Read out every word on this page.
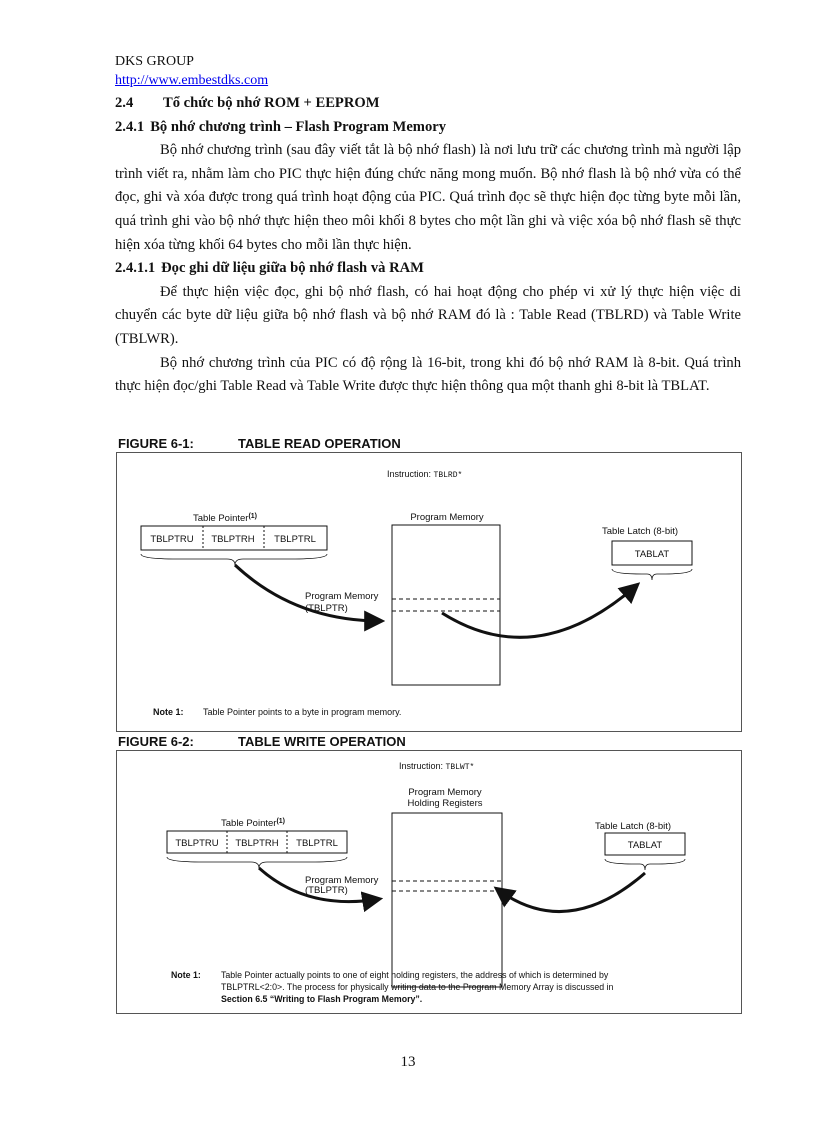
DKS GROUP
http://www.embestdks.com
2.4 Tổ chức bộ nhớ ROM + EEPROM
2.4.1 Bộ nhớ chương trình – Flash Program Memory

Bộ nhớ chương trình (sau đây viết tắt là bộ nhớ flash) là nơi lưu trữ các chương trình mà người lập trình viết ra, nhằm làm cho PIC thực hiện đúng chức năng mong muốn. Bộ nhớ flash là bộ nhớ vừa có thể đọc, ghi và xóa được trong quá trình hoạt động của PIC. Quá trình đọc sẽ thực hiện đọc từng byte mỗi lần, quá trình ghi vào bộ nhớ thực hiện theo môi khối 8 bytes cho một lần ghi và việc xóa bộ nhớ flash sẽ thực hiện xóa từng khối 64 bytes cho mỗi lần thực hiện.

2.4.1.1 Đọc ghi dữ liệu giữa bộ nhớ flash và RAM

Để thực hiện việc đọc, ghi bộ nhớ flash, có hai hoạt động cho phép vi xử lý thực hiện việc di chuyển các byte dữ liệu giữa bộ nhớ flash và bộ nhớ RAM đó là : Table Read (TBLRD) và Table Write (TBLWR).

Bộ nhớ chương trình của PIC có độ rộng là 16-bit, trong khi đó bộ nhớ RAM là 8-bit. Quá trình thực hiện đọc/ghi Table Read và Table Write được thực hiện thông qua một thanh ghi 8-bit là TBLAT.

FIGURE 6-1:	TABLE READ OPERATION
Instruction: TBLRD*
Table Pointer$^{(1)}$
TBLPTRU TBLPTRH TBLPTRL
Program Memory
Program Memory
(TBLPTR)
Table Latch (8-bit)
TABLAT
Note 1: Table Pointer points to a byte in program memory.
FIGURE 6-2:	TABLE WRITE OPERATION
Instruction: TBLWT*
Table Pointer$^{(1)}$
TBLPTRU TBLPTRH TBLPTRL
Program Memory
Holding Registers
Program Memory
(TBLPTR)
Table Latch (8-bit)
TABLAT
Note 1: Table Pointer actually points to one of eight holding registers, the address of which is determined by
TBLPTRL<2:0>. The process for physically writing data to the Program Memory Array is discussed in
Section 6.5 “Writing to Flash Program Memory”.
13
